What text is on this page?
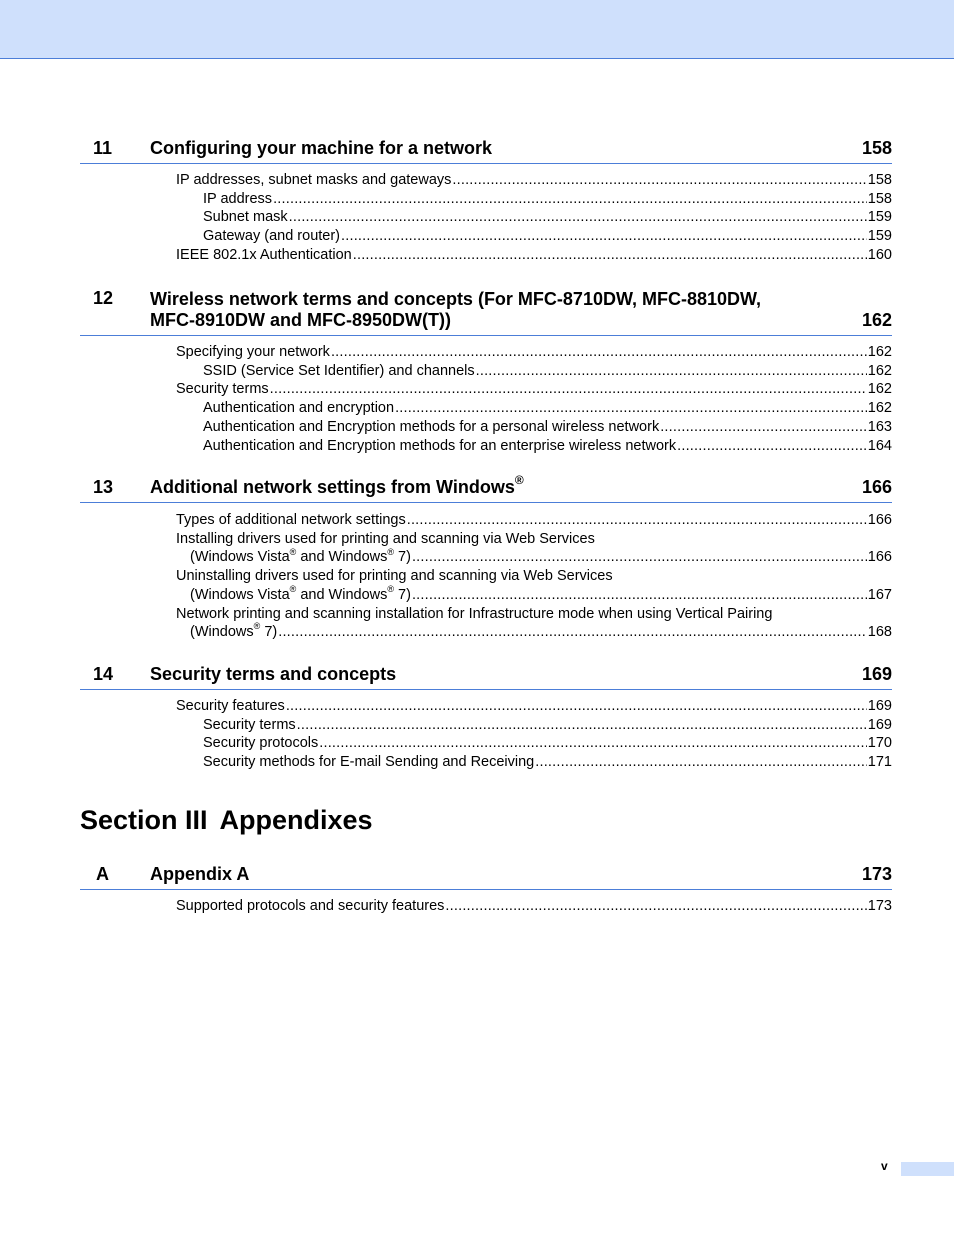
11 Configuring your machine for a network	158
IP addresses, subnet masks and gateways .....	158
IP address .....	158
Subnet mask .....	159
Gateway (and router) .....	159
IEEE 802.1x Authentication .....	160
12 Wireless network terms and concepts (For MFC-8710DW, MFC-8810DW,
MFC-8910DW and MFC-8950DW(T))	162
Specifying your network .....	162
SSID (Service Set Identifier) and channels .....	162
Security terms .....	162
Authentication and encryption .....	162
Authentication and Encryption methods for a personal wireless network .....	163
Authentication and Encryption methods for an enterprise wireless network .....	164
13 Additional network settings from Windows®	166
Types of additional network settings .....	166
Installing drivers used for printing and scanning via Web Services
(Windows Vista® and Windows® 7) .....	166
Uninstalling drivers used for printing and scanning via Web Services
(Windows Vista® and Windows® 7) .....	167
Network printing and scanning installation for Infrastructure mode when using Vertical Pairing
(Windows® 7) .....	168
14 Security terms and concepts	169
Security features .....	169
Security terms .....	169
Security protocols .....	170
Security methods for E-mail Sending and Receiving .....	171
Section III Appendixes
A Appendix A	173
Supported protocols and security features .....	173
v
